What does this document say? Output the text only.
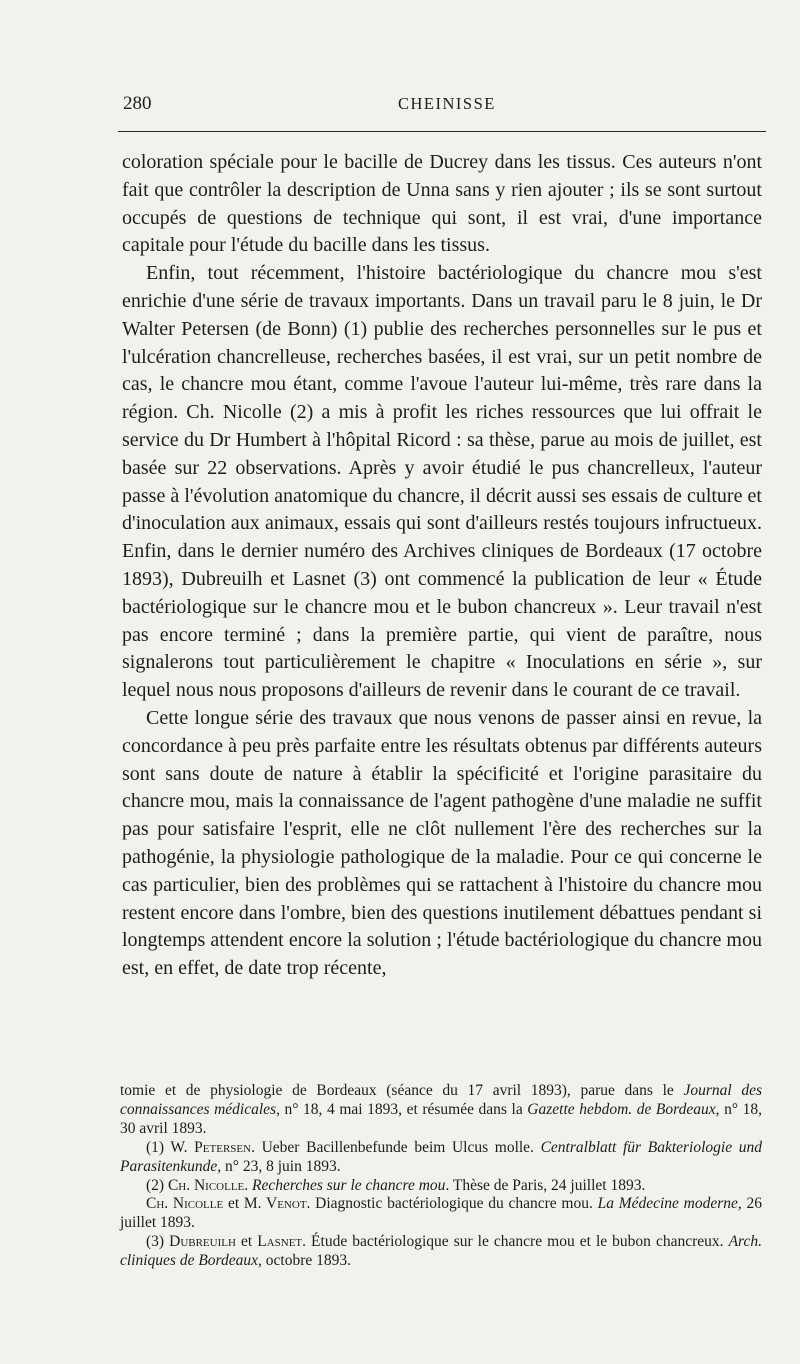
280	CHEINISSE

coloration spéciale pour le bacille de Ducrey dans les tissus. Ces auteurs n'ont fait que contrôler la description de Unna sans y rien ajouter ; ils se sont surtout occupés de questions de technique qui sont, il est vrai, d'une importance capitale pour l'étude du bacille dans les tissus.

Enfin, tout récemment, l'histoire bactériologique du chancre mou s'est enrichie d'une série de travaux importants. Dans un travail paru le 8 juin, le Dr Walter Petersen (de Bonn) (1) publie des recherches personnelles sur le pus et l'ulcération chancrelleuse, recherches basées, il est vrai, sur un petit nombre de cas, le chancre mou étant, comme l'avoue l'auteur lui-même, très rare dans la région. Ch. Nicolle (2) a mis à profit les riches ressources que lui offrait le service du Dr Humbert à l'hôpital Ricord : sa thèse, parue au mois de juillet, est basée sur 22 observations. Après y avoir étudié le pus chancrelleux, l'auteur passe à l'évolution anatomique du chancre, il décrit aussi ses essais de culture et d'inoculation aux animaux, essais qui sont d'ailleurs restés toujours infructueux. Enfin, dans le dernier numéro des Archives cliniques de Bordeaux (17 octobre 1893), Dubreuilh et Lasnet (3) ont commencé la publication de leur « Étude bactériologique sur le chancre mou et le bubon chancreux ». Leur travail n'est pas encore terminé ; dans la première partie, qui vient de paraître, nous signalerons tout particulièrement le chapitre « Inoculations en série », sur lequel nous nous proposons d'ailleurs de revenir dans le courant de ce travail.

Cette longue série des travaux que nous venons de passer ainsi en revue, la concordance à peu près parfaite entre les résultats obtenus par différents auteurs sont sans doute de nature à établir la spécificité et l'origine parasitaire du chancre mou, mais la connaissance de l'agent pathogène d'une maladie ne suffit pas pour satisfaire l'esprit, elle ne clôt nullement l'ère des recherches sur la pathogénie, la physiologie pathologique de la maladie. Pour ce qui concerne le cas particulier, bien des problèmes qui se rattachent à l'histoire du chancre mou restent encore dans l'ombre, bien des questions inutilement débattues pendant si longtemps attendent encore la solution ; l'étude bactériologique du chancre mou est, en effet, de date trop récente,

tomie et de physiologie de Bordeaux (séance du 17 avril 1893), parue dans le Journal des connaissances médicales, n° 18, 4 mai 1893, et résumée dans la Gazette hebdom. de Bordeaux, n° 18, 30 avril 1893.

(1) W. Petersen. Ueber Bacillenbefunde beim Ulcus molle. Centralblatt für Bakteriologie und Parasitenkunde, n° 23, 8 juin 1893.

(2) Ch. Nicolle. Recherches sur le chancre mou. Thèse de Paris, 24 juillet 1893.

Ch. Nicolle et M. Venot. Diagnostic bactériologique du chancre mou. La Médecine moderne, 26 juillet 1893.

(3) Dubreuilh et Lasnet. Étude bactériologique sur le chancre mou et le bubon chancreux. Arch. cliniques de Bordeaux, octobre 1893.
